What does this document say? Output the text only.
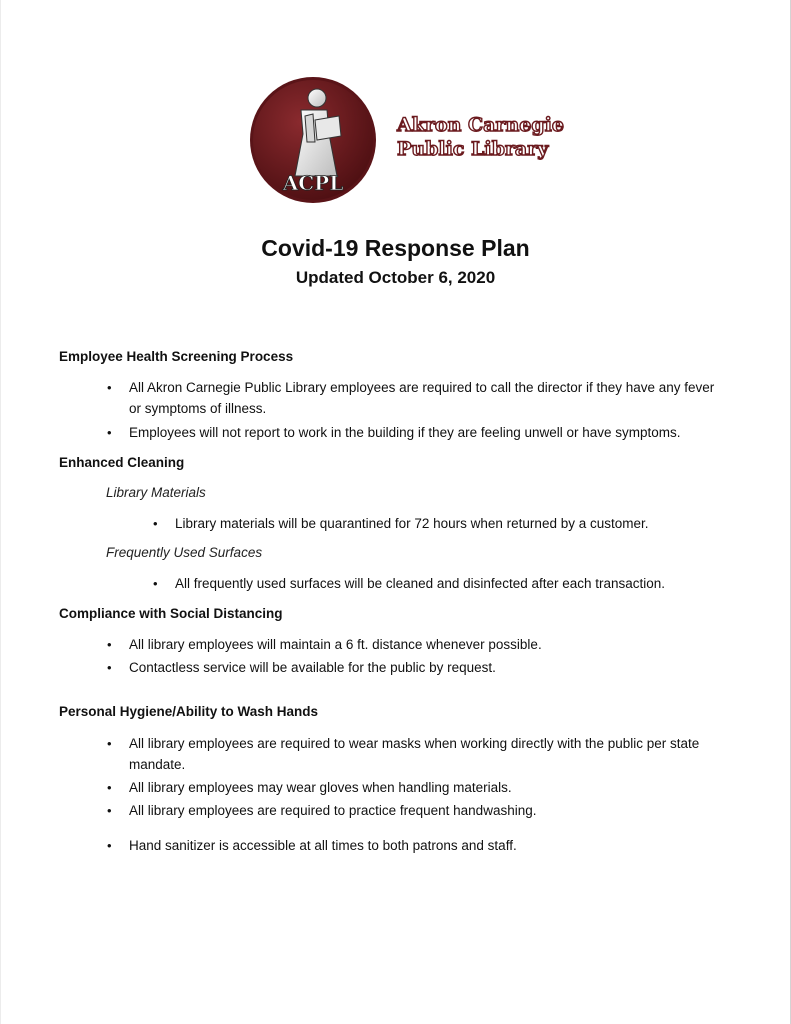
ACPL
Akron Carnegie
Public Library
Covid-19 Response Plan
Updated October 6, 2020
Employee Health Screening Process
• All Akron Carnegie Public Library employees are required to call the director if they have any fever or symptoms of illness.
• Employees will not report to work in the building if they are feeling unwell or have symptoms.
Enhanced Cleaning
Library Materials
• Library materials will be quarantined for 72 hours when returned by a customer.
Frequently Used Surfaces
• All frequently used surfaces will be cleaned and disinfected after each transaction.
Compliance with Social Distancing
• All library employees will maintain a 6 ft. distance whenever possible.
• Contactless service will be available for the public by request.
Personal Hygiene/Ability to Wash Hands
• All library employees are required to wear masks when working directly with the public per state mandate.
• All library employees may wear gloves when handling materials.
• All library employees are required to practice frequent handwashing.
• Hand sanitizer is accessible at all times to both patrons and staff.
